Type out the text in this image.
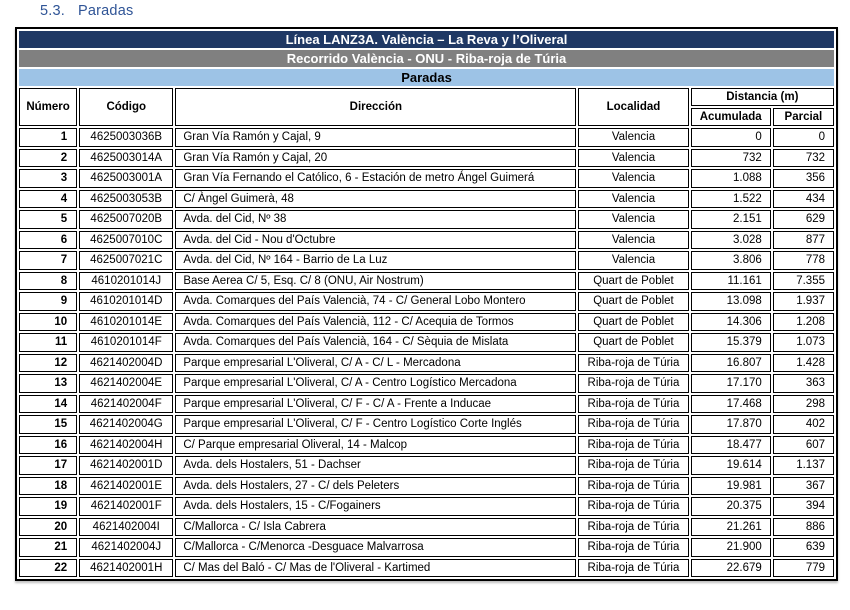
5.3. Paradas
Línea LANZ3A. València – La Reva y l’Oliveral					
Recorrido València - ONU - Riba-roja de Túria					
Paradas					
Número	Código	Dirección	Localidad	Distancia (m)	
				Acumulada	Parcial
1	4625003036B	Gran Vía Ramón y Cajal, 9	Valencia	0	0
2	4625003014A	Gran Vía Ramón y Cajal, 20	Valencia	732	732
3	4625003001A	Gran Vía Fernando el Católico, 6 - Estación de metro Ángel Guimerá	Valencia	1.088	356
4	4625003053B	C/ Àngel Guimerà, 48	Valencia	1.522	434
5	4625007020B	Avda. del Cid, Nº 38	Valencia	2.151	629
6	4625007010C	Avda. del Cid - Nou d'Octubre	Valencia	3.028	877
7	4625007021C	Avda. del Cid, Nº 164 - Barrio de La Luz	Valencia	3.806	778
8	4610201014J	Base Aerea C/ 5, Esq. C/ 8 (ONU, Air Nostrum)	Quart de Poblet	11.161	7.355
9	4610201014D	Avda. Comarques del País Valencià, 74 - C/ General Lobo Montero	Quart de Poblet	13.098	1.937
10	4610201014E	Avda. Comarques del País Valencià, 112 - C/ Acequia de Tormos	Quart de Poblet	14.306	1.208
11	4610201014F	Avda. Comarques del País Valencià, 164 - C/ Sèquia de Mislata	Quart de Poblet	15.379	1.073
12	4621402004D	Parque empresarial L'Oliveral, C/ A - C/ L - Mercadona	Riba-roja de Túria	16.807	1.428
13	4621402004E	Parque empresarial L'Oliveral, C/ A - Centro Logístico Mercadona	Riba-roja de Túria	17.170	363
14	4621402004F	Parque empresarial L'Oliveral, C/ F - C/ A - Frente a Inducae	Riba-roja de Túria	17.468	298
15	4621402004G	Parque empresarial L'Oliveral, C/ F - Centro Logístico Corte Inglés	Riba-roja de Túria	17.870	402
16	4621402004H	C/ Parque empresarial Oliveral, 14 - Malcop	Riba-roja de Túria	18.477	607
17	4621402001D	Avda. dels Hostalers, 51 - Dachser	Riba-roja de Túria	19.614	1.137
18	4621402001E	Avda. dels Hostalers, 27 - C/ dels Peleters	Riba-roja de Túria	19.981	367
19	4621402001F	Avda. dels Hostalers, 15 - C/Fogainers	Riba-roja de Túria	20.375	394
20	4621402004I	C/Mallorca - C/ Isla Cabrera	Riba-roja de Túria	21.261	886
21	4621402004J	C/Mallorca - C/Menorca -Desguace Malvarrosa	Riba-roja de Túria	21.900	639
22	4621402001H	C/ Mas del Baló - C/ Mas de l'Oliveral - Kartimed	Riba-roja de Túria	22.679	779
